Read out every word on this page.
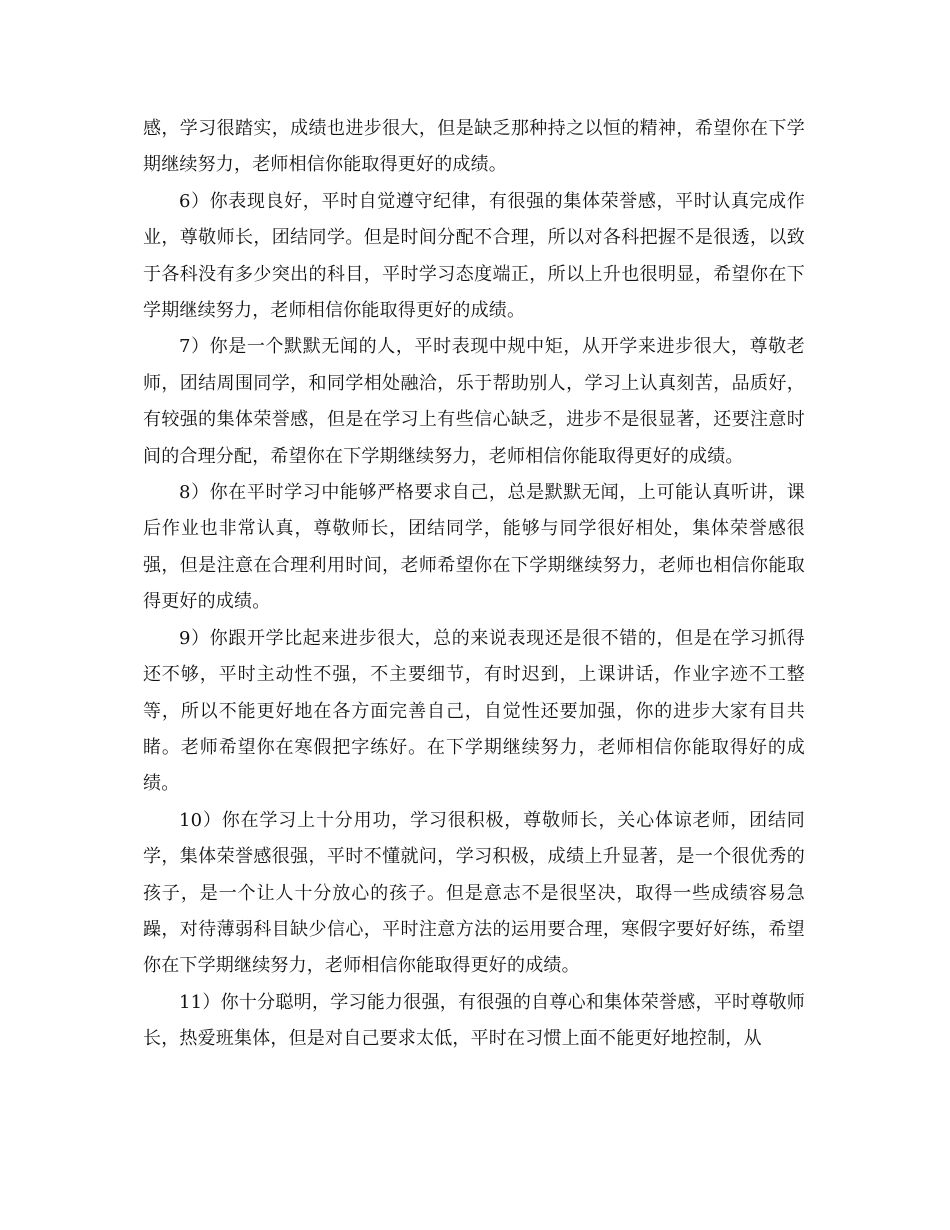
感，学习很踏实，成绩也进步很大，但是缺乏那种持之以恒的精神，希望你在下学期继续努力，老师相信你能取得更好的成绩。

6）你表现良好，平时自觉遵守纪律，有很强的集体荣誉感，平时认真完成作业，尊敬师长，团结同学。但是时间分配不合理，所以对各科把握不是很透，以致于各科没有多少突出的科目，平时学习态度端正，所以上升也很明显，希望你在下学期继续努力，老师相信你能取得更好的成绩。

7）你是一个默默无闻的人，平时表现中规中矩，从开学来进步很大，尊敬老师，团结周围同学，和同学相处融洽，乐于帮助别人，学习上认真刻苦，品质好，有较强的集体荣誉感，但是在学习上有些信心缺乏，进步不是很显著，还要注意时间的合理分配，希望你在下学期继续努力，老师相信你能取得更好的成绩。

8）你在平时学习中能够严格要求自己，总是默默无闻，上可能认真听讲，课后作业也非常认真，尊敬师长，团结同学，能够与同学很好相处，集体荣誉感很强，但是注意在合理利用时间，老师希望你在下学期继续努力，老师也相信你能取得更好的成绩。

9）你跟开学比起来进步很大，总的来说表现还是很不错的，但是在学习抓得还不够，平时主动性不强，不主要细节，有时迟到，上课讲话，作业字迹不工整等，所以不能更好地在各方面完善自己，自觉性还要加强，你的进步大家有目共睹。老师希望你在寒假把字练好。在下学期继续努力，老师相信你能取得好的成绩。

10）你在学习上十分用功，学习很积极，尊敬师长，关心体谅老师，团结同学，集体荣誉感很强，平时不懂就问，学习积极，成绩上升显著，是一个很优秀的孩子，是一个让人十分放心的孩子。但是意志不是很坚决，取得一些成绩容易急躁，对待薄弱科目缺少信心，平时注意方法的运用要合理，寒假字要好好练，希望你在下学期继续努力，老师相信你能取得更好的成绩。

11）你十分聪明，学习能力很强，有很强的自尊心和集体荣誉感，平时尊敬师长，热爱班集体，但是对自己要求太低，平时在习惯上面不能更好地控制，从
